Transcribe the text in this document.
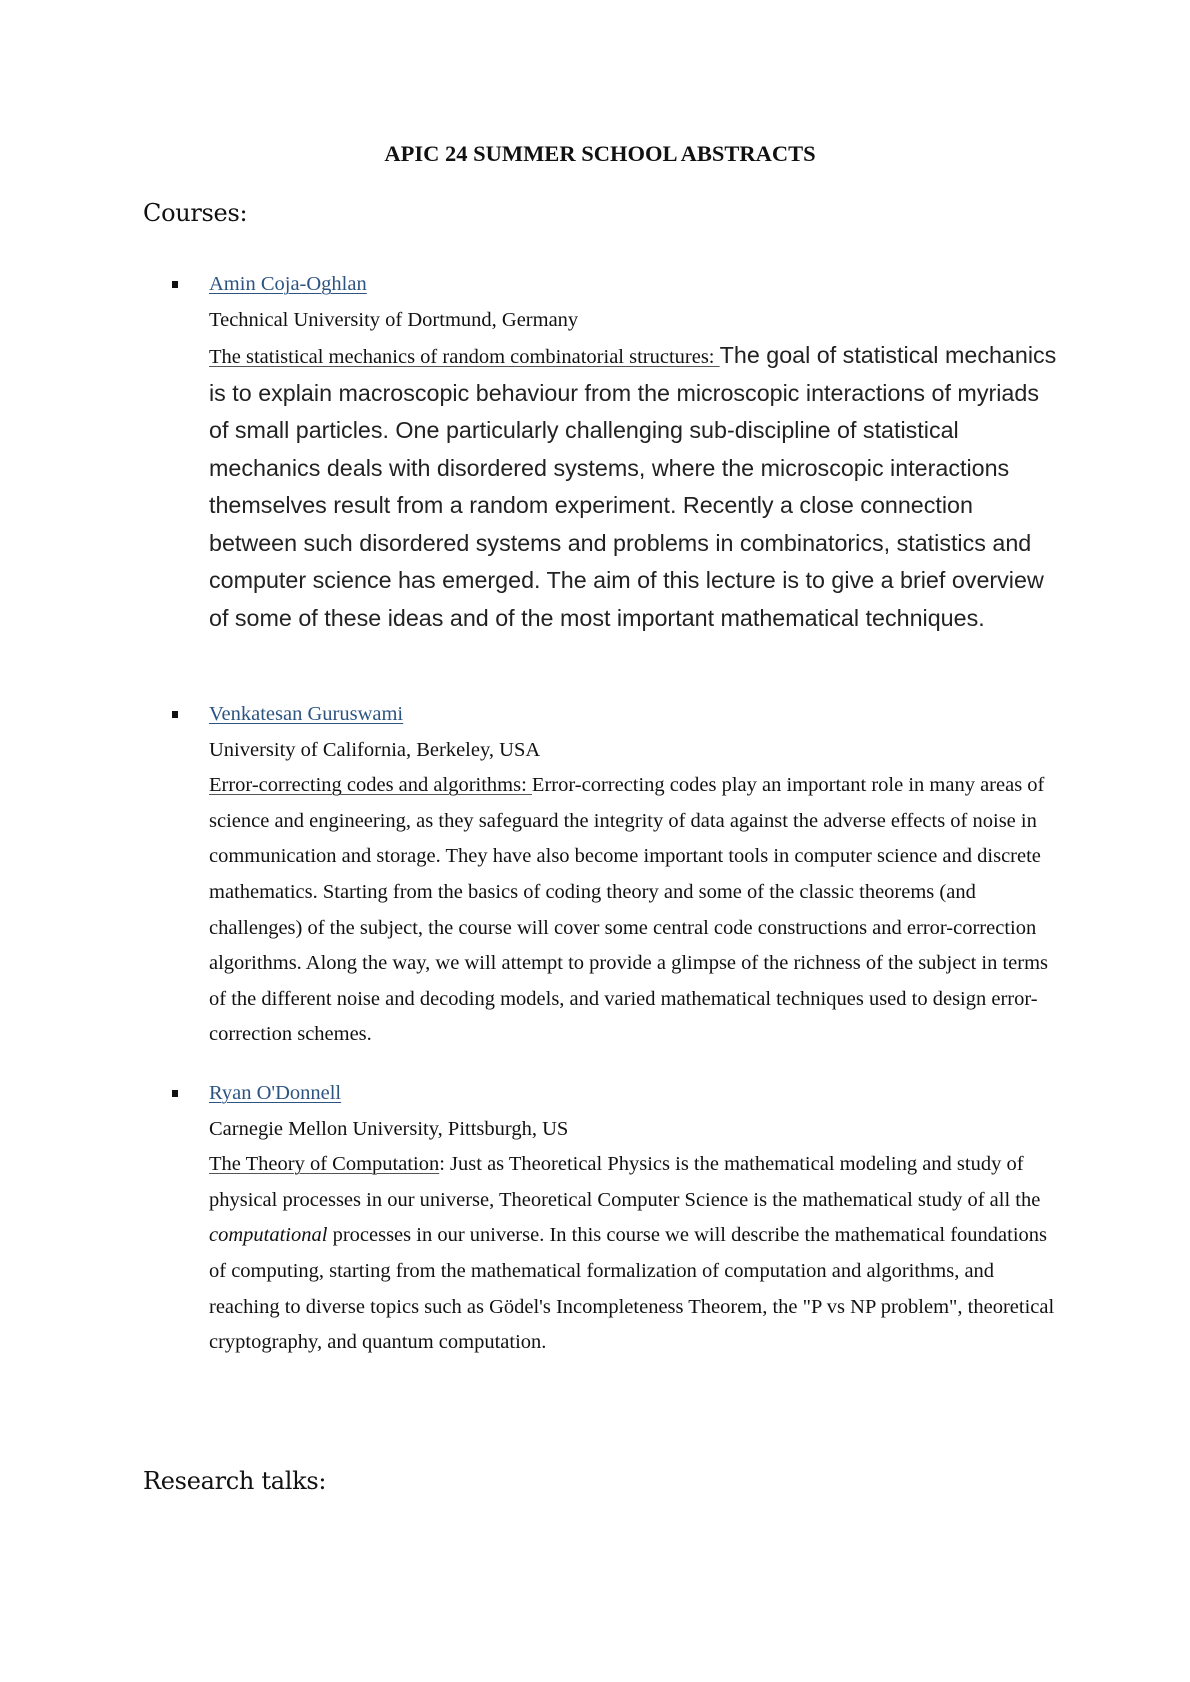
APIC 24 SUMMER SCHOOL ABSTRACTS
Courses:
Amin Coja-Oghlan
Technical University of Dortmund, Germany
The statistical mechanics of random combinatorial structures: The goal of statistical mechanics is to explain macroscopic behaviour from the microscopic interactions of myriads of small particles. One particularly challenging sub-discipline of statistical mechanics deals with disordered systems, where the microscopic interactions themselves result from a random experiment. Recently a close connection between such disordered systems and problems in combinatorics, statistics and computer science has emerged. The aim of this lecture is to give a brief overview of some of these ideas and of the most important mathematical techniques.
Venkatesan Guruswami
University of California, Berkeley, USA
Error-correcting codes and algorithms: Error-correcting codes play an important role in many areas of science and engineering, as they safeguard the integrity of data against the adverse effects of noise in communication and storage. They have also become important tools in computer science and discrete mathematics. Starting from the basics of coding theory and some of the classic theorems (and challenges) of the subject, the course will cover some central code constructions and error-correction algorithms. Along the way, we will attempt to provide a glimpse of the richness of the subject in terms of the different noise and decoding models, and varied mathematical techniques used to design error-correction schemes.
Ryan O'Donnell
Carnegie Mellon University, Pittsburgh, US
The Theory of Computation: Just as Theoretical Physics is the mathematical modeling and study of physical processes in our universe, Theoretical Computer Science is the mathematical study of all the computational processes in our universe. In this course we will describe the mathematical foundations of computing, starting from the mathematical formalization of computation and algorithms, and reaching to diverse topics such as Gödel's Incompleteness Theorem, the "P vs NP problem", theoretical cryptography, and quantum computation.
Research talks:
